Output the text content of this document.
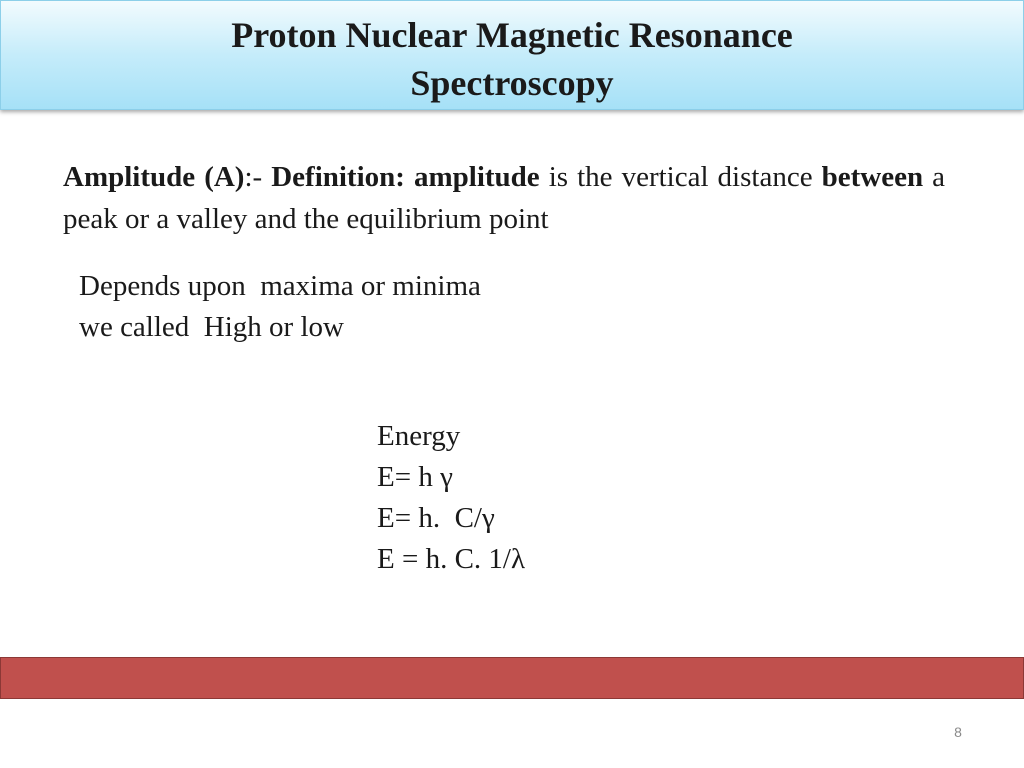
Proton Nuclear Magnetic Resonance
Spectroscopy
Amplitude (A):- Definition: amplitude is the vertical distance between a peak or a valley and the equilibrium point
Depends upon  maxima or minima
we called  High or low
Energy
E= h γ
E= h.  C/γ
E = h. C. 1/λ
8
